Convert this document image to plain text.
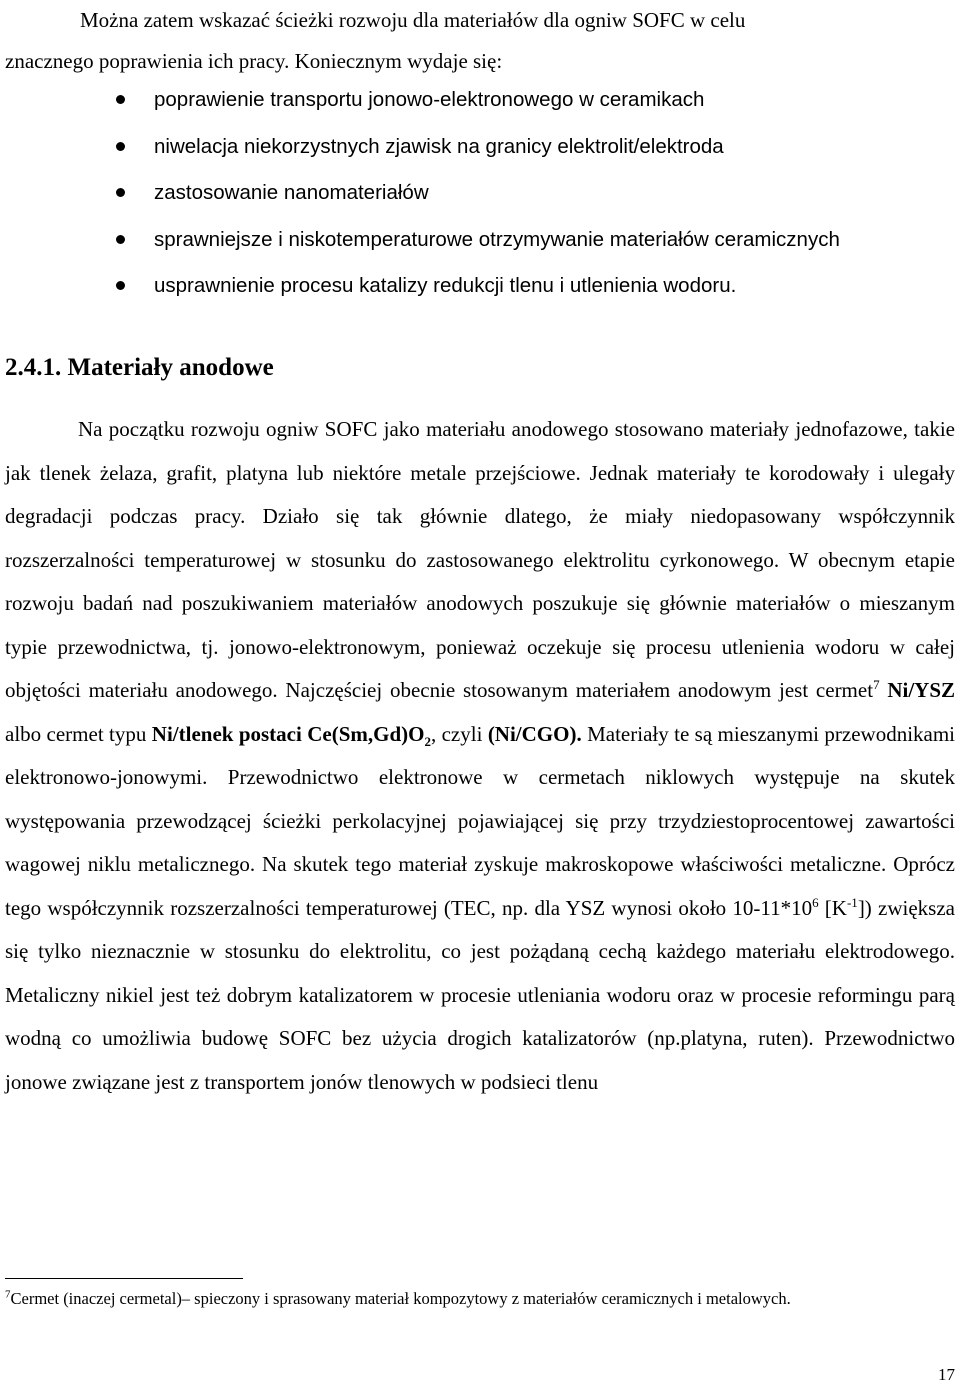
Można zatem wskazać ścieżki rozwoju dla materiałów dla ogniw SOFC w celu
znacznego poprawienia ich pracy. Koniecznym wydaje się:

poprawienie transportu jonowo-elektronowego w ceramikach
niwelacja niekorzystnych zjawisk na granicy elektrolit/elektroda
zastosowanie nanomateriałów
sprawniejsze i niskotemperaturowe otrzymywanie materiałów ceramicznych
usprawnienie procesu katalizy redukcji tlenu i utlenienia wodoru.
2.4.1. Materiały anodowe

Na początku rozwoju ogniw SOFC jako materiału anodowego stosowano materiały jednofazowe, takie jak tlenek żelaza, grafit, platyna lub niektóre metale przejściowe. Jednak materiały te korodowały i ulegały degradacji podczas pracy. Działo się tak głównie dlatego, że miały niedopasowany współczynnik rozszerzalności temperaturowej w stosunku do zastosowanego elektrolitu cyrkonowego. W obecnym etapie rozwoju badań nad poszukiwaniem materiałów anodowych poszukuje się głównie materiałów o mieszanym typie przewodnictwa, tj. jonowo-elektronowym, ponieważ oczekuje się procesu utlenienia wodoru w całej objętości materiału anodowego. Najczęściej obecnie stosowanym materiałem anodowym jest cermet$^7$ Ni/YSZ albo cermet typu Ni/tlenek postaci $Ce(Sm,Gd)O_2$, czyli (Ni/CGO). Materiały te są mieszanymi przewodnikami elektronowo-jonowymi. Przewodnictwo elektronowe w cermetach niklowych występuje na skutek występowania przewodzącej ścieżki perkolacyjnej pojawiającej się przy trzydziestoprocentowej zawartości wagowej niklu metalicznego. Na skutek tego materiał zyskuje makroskopowe właściwości metaliczne. Oprócz tego współczynnik rozszerzalności temperaturowej (TEC, np. dla YSZ wynosi około $10-11*10^6$ $[K^{-1}]$) zwiększa się tylko nieznacznie w stosunku do elektrolitu, co jest pożądaną cechą każdego materiału elektrodowego. Metaliczny nikiel jest też dobrym katalizatorem w procesie utleniania wodoru oraz w procesie reformingu parą wodną co umożliwia budowę SOFC bez użycia drogich katalizatorów (np.platyna, ruten). Przewodnictwo jonowe związane jest z transportem jonów tlenowych w podsieci tlenu

$^7$Cermet (inaczej cermetal)– spieczony i sprasowany materiał kompozytowy z materiałów ceramicznych i metalowych.
17
